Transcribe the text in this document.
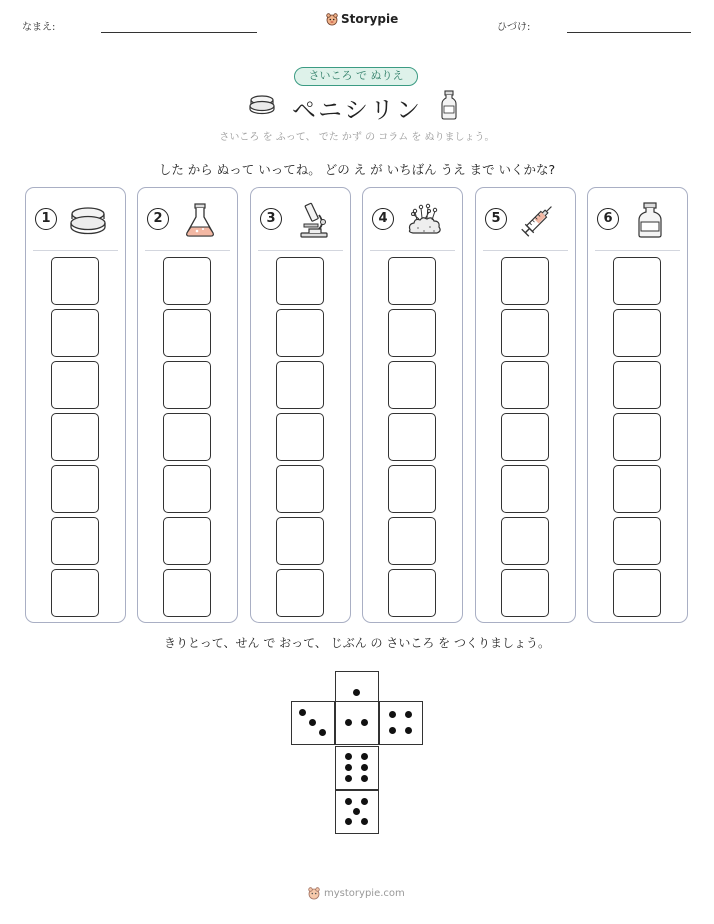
なまえ:
Storypie
ひづけ:
さいころ で ぬりえ
ペニシリン
さいころ を ふって、 でた かず の コラム を ぬりましょう。
した から ぬって いってね。 どの え が いちばん うえ まで いくかな?
1	2	3	4	5	6
きりとって、せん で おって、 じぶん の さいころ を つくりましょう。
mystorypie.com
